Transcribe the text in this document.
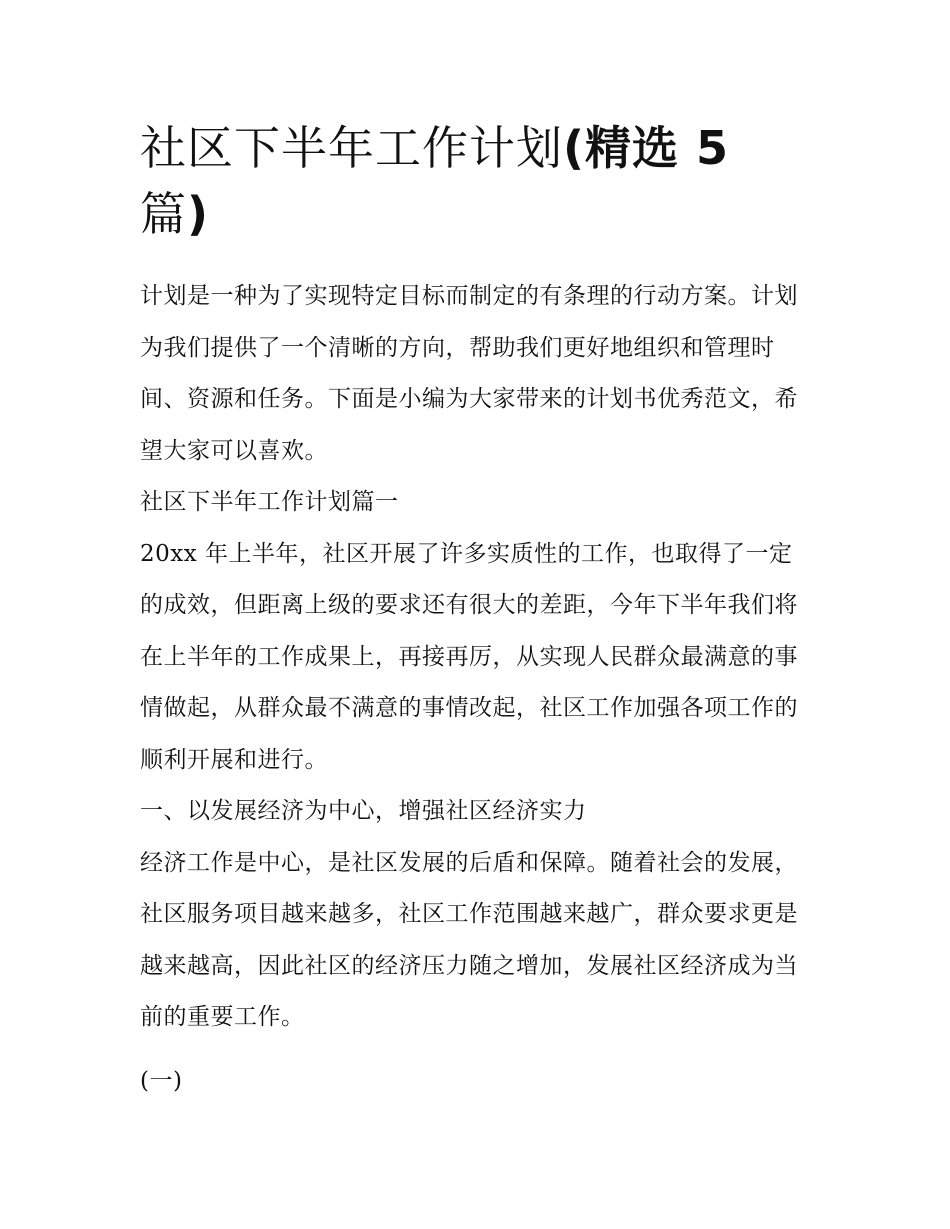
社区下半年工作计划(精选 5
篇)

计划是一种为了实现特定目标而制定的有条理的行动方案。计划为我们提供了一个清晰的方向，帮助我们更好地组织和管理时间、资源和任务。下面是小编为大家带来的计划书优秀范文，希望大家可以喜欢。

社区下半年工作计划篇一

20xx 年上半年，社区开展了许多实质性的工作，也取得了一定的成效，但距离上级的要求还有很大的差距，今年下半年我们将在上半年的工作成果上，再接再厉，从实现人民群众最满意的事情做起，从群众最不满意的事情改起，社区工作加强各项工作的顺利开展和进行。

一、以发展经济为中心，增强社区经济实力

经济工作是中心，是社区发展的后盾和保障。随着社会的发展，社区服务项目越来越多，社区工作范围越来越广，群众要求更是越来越高，因此社区的经济压力随之增加，发展社区经济成为当前的重要工作。

(一)
